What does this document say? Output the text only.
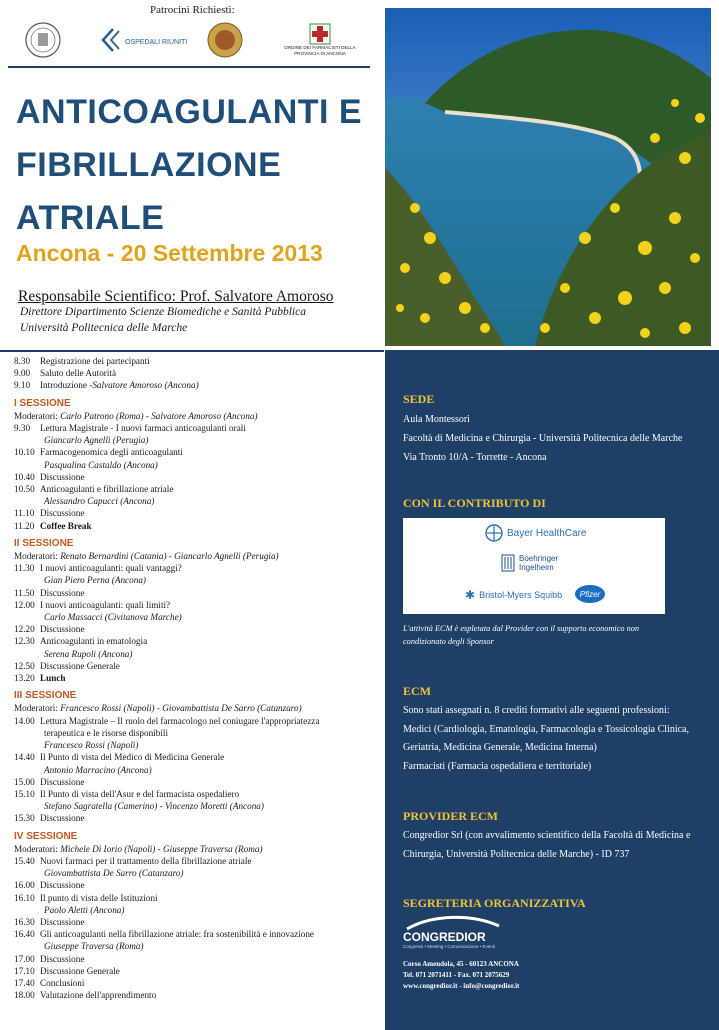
Patrocini Richiesti:
OSPEDALI RIUNITI
ORDINE DEI FARMACISTI DELLA PROVINCIA DI ANCONA
ANTICOAGULANTI E
FIBRILLAZIONE
ATRIALE
Ancona - 20 Settembre 2013
Responsabile Scientifico: Prof. Salvatore Amoroso
Direttore Dipartimento Scienze Biomediche e Sanità Pubblica
Università Politecnica delle Marche
8.30	Registrazione dei partecipanti
9.00	Saluto delle Autorità
9.10	Introduzione - Salvatore Amoroso (Ancona)
I SESSIONE
Moderatori: Carlo Patrono (Roma) - Salvatore Amoroso (Ancona)
9.30	Lettura Magistrale - I nuovi farmaci anticoagulanti orali
Giancarlo Agnelli (Perugia)
10.10 Farmacogenomica degli anticoagulanti
Pasqualina Castaldo (Ancona)
10.40 Discussione
10.50 Anticoagulanti e fibrillazione atriale
Alessandro Capucci (Ancona)
11.10 Discussione
11.20 Coffee Break
II SESSIONE
Moderatori: Renato Bernardini (Catania) - Giancarlo Agnelli (Perugia)
11.30 I nuovi anticoagulanti: quali vantaggi?
Gian Piero Perna (Ancona)
11.50 Discussione
12.00 I nuovi anticoagulanti: quali limiti?
Carlo Massacci (Civitanova Marche)
12.20 Discussione
12.30 Anticoagulanti in ematologia
Serena Rupoli (Ancona)
12.50 Discussione Generale
13.20 Lunch
III SESSIONE
Moderatori: Francesco Rossi (Napoli) - Giovambattista De Sarro (Catanzaro)
14.00 Lettura Magistrale – Il ruolo del farmacologo nel coniugare l'appropriatezza
terapeutica e le risorse disponibili
Francesco Rossi (Napoli)
14.40 Il Punto di vista del Medico di Medicina Generale
Antonio Marracino (Ancona)
15.00 Discussione
15.10 Il Punto di vista dell'Asur e del farmacista ospedaliero
Stefano Sagratella (Camerino) - Vincenzo Moretti (Ancona)
15.30 Discussione
IV SESSIONE
Moderatori: Michele Di Iorio (Napoli) - Giuseppe Traversa (Roma)
15.40 Nuovi farmaci per il trattamento della fibrillazione atriale
Giovambattista De Sarro (Catanzaro)
16.00 Discussione
16.10 Il punto di vista delle Istituzioni
Paolo Aletti (Ancona)
16.30 Discussione
16.40 Gli anticoagulanti nella fibrillazione atriale: fra sostenibilità e innovazione
Giuseppe Traversa (Roma)
17.00 Discussione
17.10 Discussione Generale
17.40 Conclusioni
18.00 Valutazione dell'apprendimento
SEDE
Aula Montessori
Facoltà di Medicina e Chirurgia - Università Politecnica delle Marche
Via Tronto 10/A - Torrette - Ancona
CON IL CONTRIBUTO DI
Bayer HealthCare
Boehringer
Ingelheim
✱ Bristol-Myers Squibb Pfizer
L'attività ECM è espletata dal Provider con il supporto economico non
condizionato degli Sponsor
ECM
Sono stati assegnati n. 8 crediti formativi alle seguenti professioni:
Medici (Cardiologia, Ematologia, Farmacologia e Tossicologia Clinica,
Geriatria, Medicina Generale, Medicina Interna)
Farmacisti (Farmacia ospedaliera e territoriale)
PROVIDER ECM
Congredior Srl (con avvalimento scientifico della Facoltà di Medicina e
Chirurgia, Università Politecnica delle Marche) - ID 737
SEGRETERIA ORGANIZZATIVA
CONGREDIOR
Congressi • Meeting • Comunicazione • Eventi
Corso Amendola, 45 - 60123 ANCONA
Tel. 071 2071411 - Fax. 071 2075629
www.congredior.it - info@congredior.it
